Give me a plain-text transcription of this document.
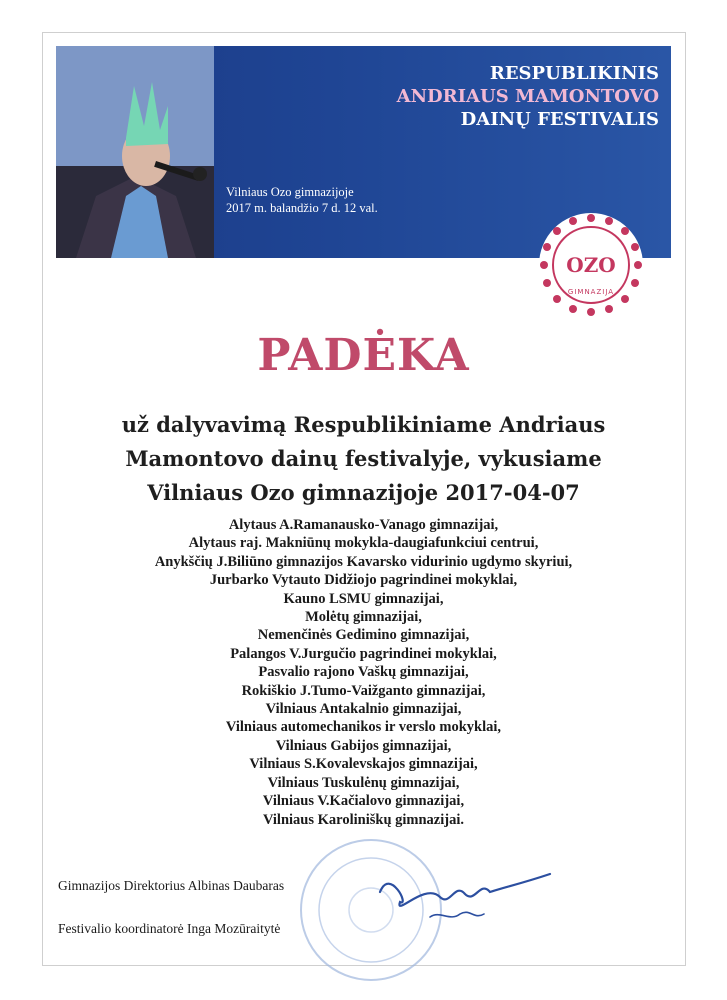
RESPUBLIKINIS
ANDRIAUS MAMONTOVO
DAINŲ FESTIVALIS
Vilniaus Ozo gimnazijoje
2017 m. balandžio 7 d. 12 val.
OZO
GIMNAZIJA
PADĖKA
už dalyvavimą Respublikiniame Andriaus
Mamontovo dainų festivalyje, vykusiame
Vilniaus Ozo gimnazijoje 2017-04-07
Alytaus A.Ramanausko-Vanago gimnazijai,
Alytaus raj. Makniūnų mokykla-daugiafunkciui centrui,
Anykščių J.Biliūno gimnazijos Kavarsko vidurinio ugdymo skyriui,
Jurbarko Vytauto Didžiojo pagrindinei mokyklai,
Kauno LSMU gimnazijai,
Molėtų gimnazijai,
Nemenčinės Gedimino gimnazijai,
Palangos V.Jurgučio pagrindinei mokyklai,
Pasvalio rajono Vaškų gimnazijai,
Rokiškio J.Tumo-Vaižganto gimnazijai,
Vilniaus Antakalnio gimnazijai,
Vilniaus automechanikos ir verslo mokyklai,
Vilniaus Gabijos gimnazijai,
Vilniaus S.Kovalevskajos gimnazijai,
Vilniaus Tuskulėnų gimnazijai,
Vilniaus V.Kačialovo gimnazijai,
Vilniaus Karoliniškų gimnazijai.
Gimnazijos Direktorius Albinas Daubaras
Festivalio koordinatorė Inga Mozūraitytė
